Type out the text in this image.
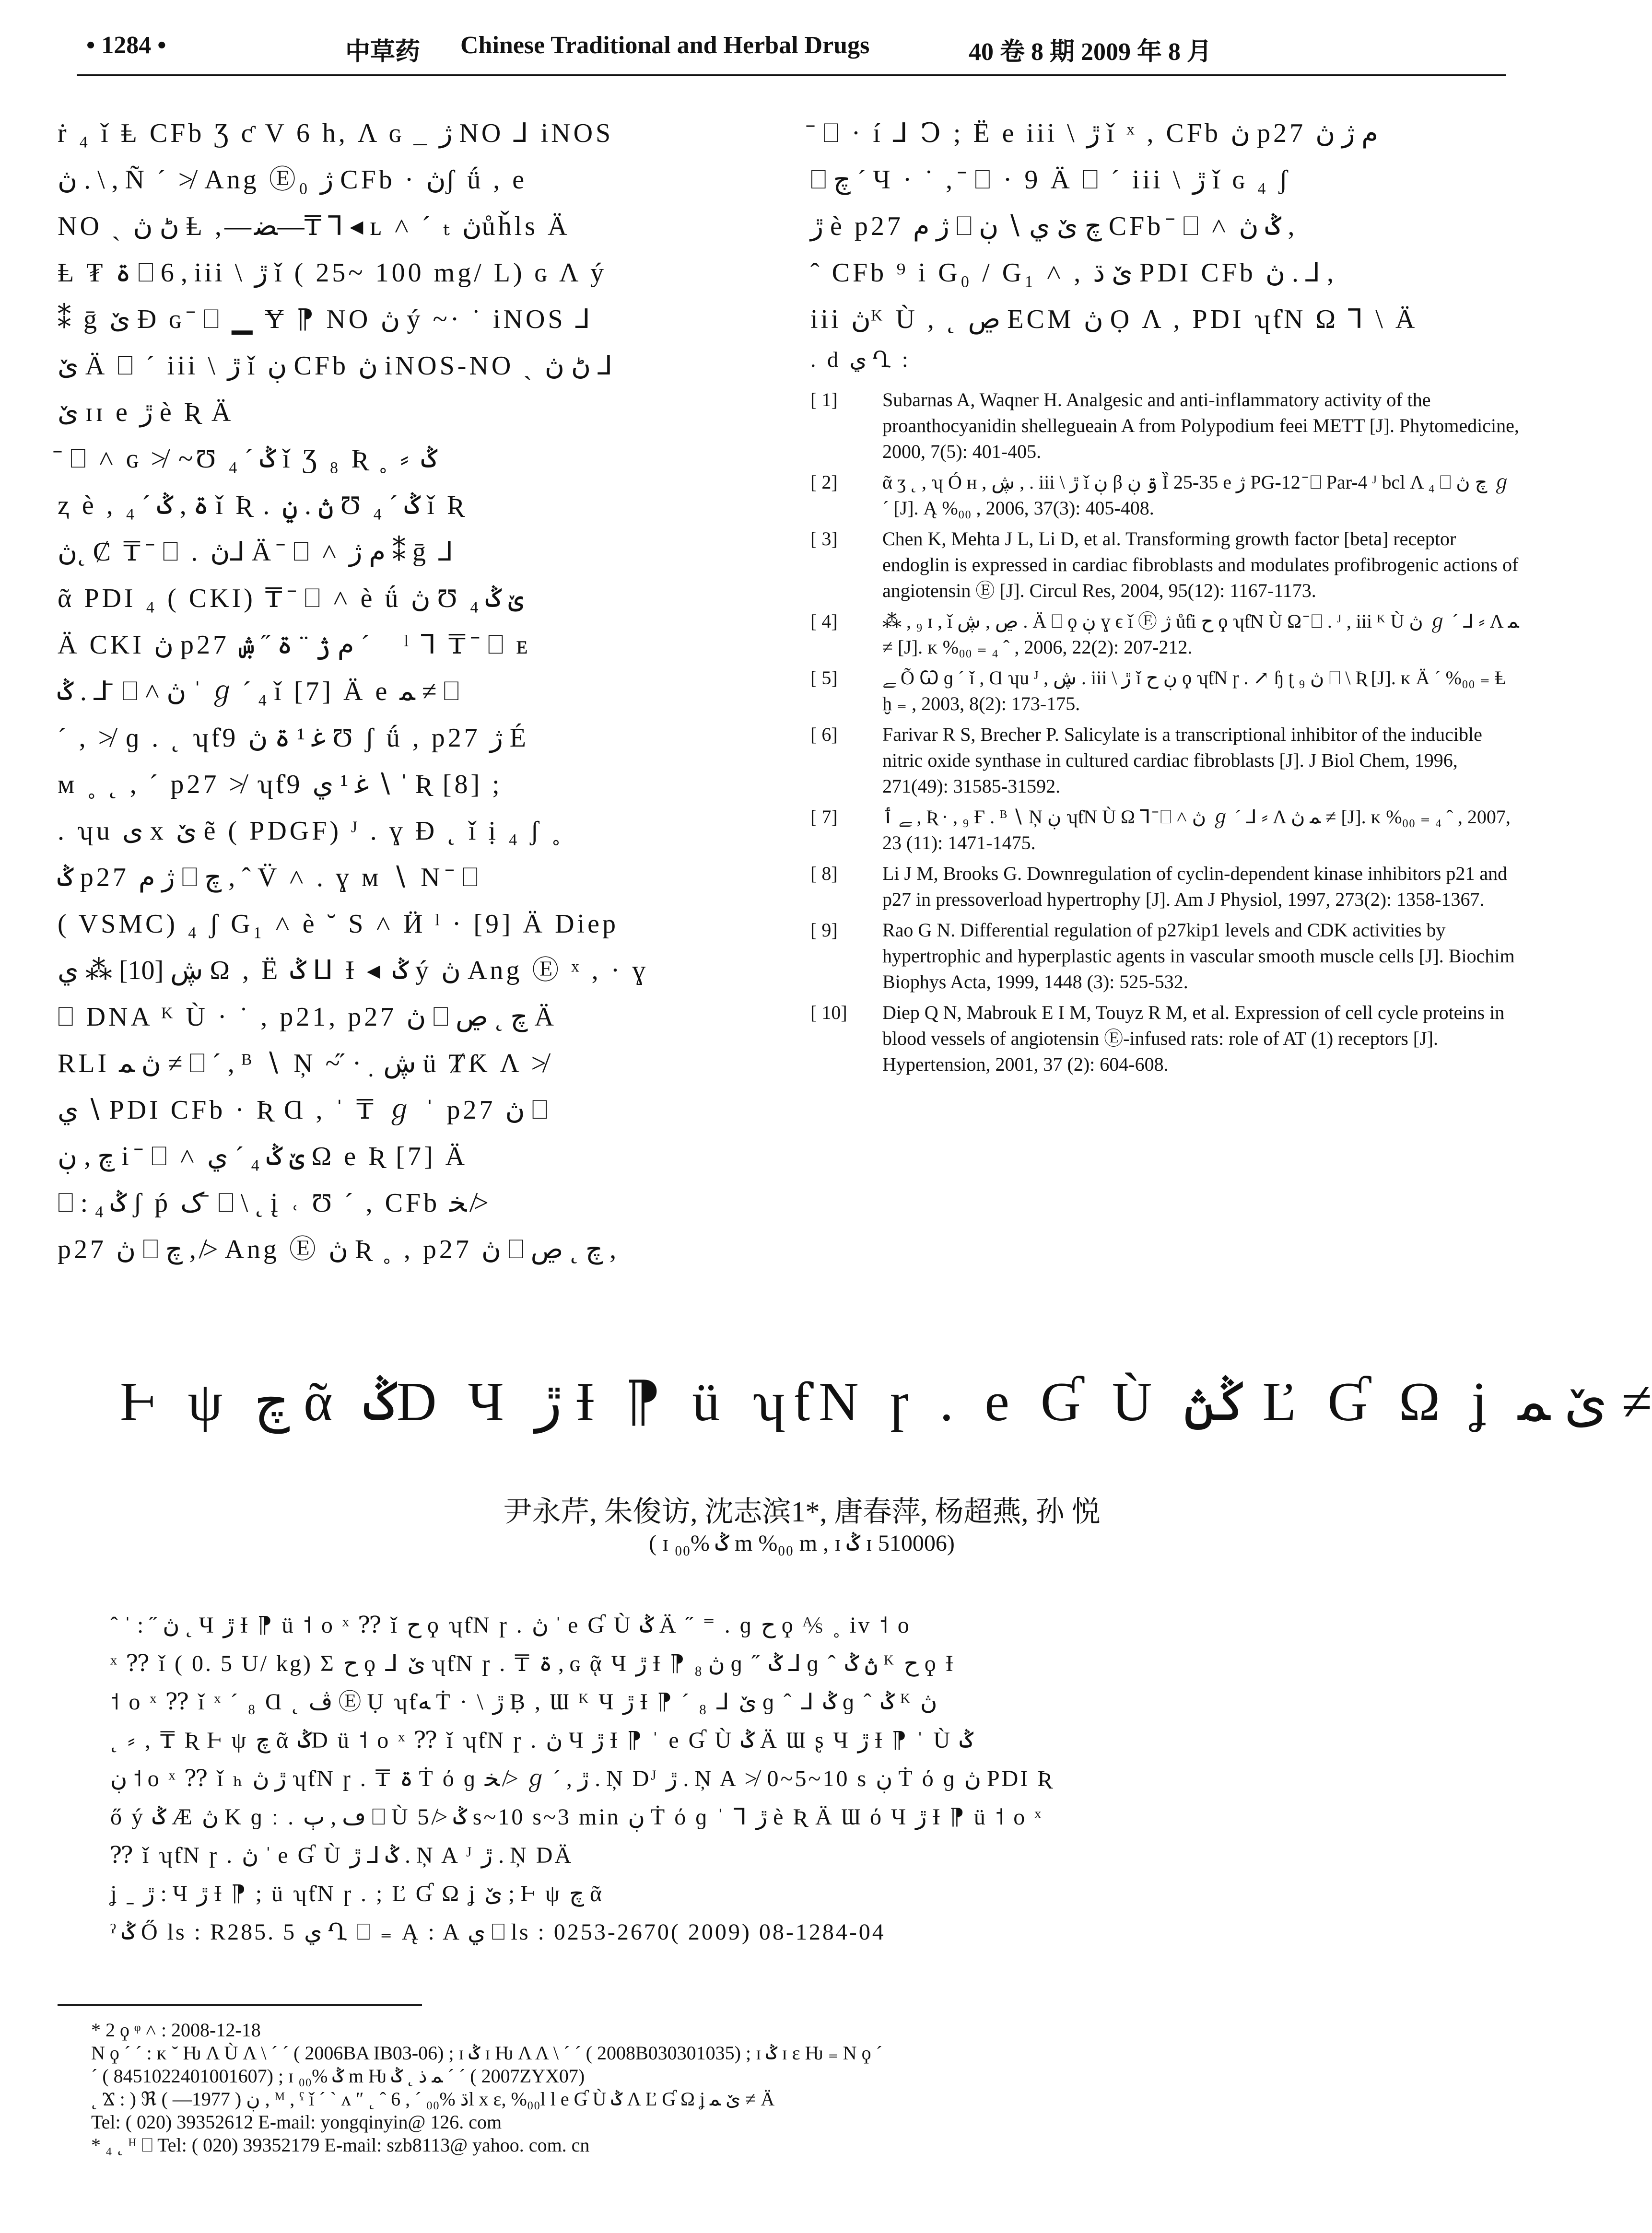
• 1284 •	中草药 Chinese Traditional and Herbal Drugs	40 卷 8 期 2009 年 8 月

ṙ ₄ ǐ Ⱡ CFb Ʒ ƈ V 6 h, Λ ɢ _ ژ NO ⅃ iNOS

ڽ . \ , Ñ ´ ≯ Ang Ⓔ₀ ژ CFb · ڽʃ ǘ , e

NO ˏ ڻ ڽ Ⱡ ,―ﻀ―₸ ⅂ ◂ ʟ ˄ ´ ₜ ڽůȟls Ä

Ⱡ ₮ ۃ ⎕ 6 , iii \ ڙ ǐ ( 25~ 100 mg/ L) ɢ Λ ý

⁑ ḡ ێ Ɖ ɢ ̄ ⎕ ▁ Ɏ ⁋ NO ڽ ý ~· ˙ iNOS ⅃

ێ Ä ⎕ ´ iii \ ڙ ǐ ڹ CFb ڽ iNOS-NO ˏ ڻ ڽ ⅃

ێ ɪɪ e ڙ è Ʀ Ä

̄ ⎕ ˄ ɢ ≯ ~Ʊ ݣ ´ ₄ ǐ Ʒ ₈ Ʀ ˳ ⸗ ݣ

ⱬ è , ۃ , ݣ ´ ₄ ǐ Ʀ . ڽ . ݧ Ʊ ݣ ´ ₄ ǐ Ʀ

ڽ˛ Ȼ ₸ ̄ ⎕ . ڽ⅃ Ä ̄ ⎕ ˄ ﻡ ژ ⁑ ḡ ⅃

ᾶ PDI ₄ ( CKI) ₸ ̄ ⎕ ˄ è ǘ ڽ Ʊ ێ ݣ ₄

Ä CKI ڽ p27 ﻡ ژ ¨ ۃ ˝ ۺ ´ ⃓ ˡ ⅂ ₸ ̄ ⎕ ᴇ

ݣ . ⅃ ̄ ⎕ ˄ ڽ ˈ ℊ ˊ ₄ ǐ [7] Ä e ﻤ ≠ ⎕

´ , ≯ ɡ . ˛ ʮƭ9 ﻏ ¹ ۃ ڽ Ʊ ʃ ǘ , p27 ژ É

ᴍ ˳ ˛ , ´ p27 ≯ ʮƭ9 ﻏ ¹ ي ∖ ˈ Ʀ [8] ;

. ʮu ى x ێ ẽ ( PDGF) ᴶ . ɣ Ɖ ˛ ǐ ị ₄ ʃ ˳

ݣ p27 ژ ﻡ ⎕ چ , ˆ V̈ ˄ . ɣ ᴍ ∖ Ν ̄ ⎕

( VSMC) ₄ ʃ G₁ ˄ è ˘ S ˄ Ӥ ˡ · [9] Ä Diep

ڜ [10] ⁂ ي Ω , Ë ݣ ⵡ Ɨ ◂ ݣ ý ڽ Ang Ⓔ ˣ , · ɣ

⎕ DNA ᴷ Ù · ˙ , p21, p27 ڽ ⎕ چ ˛ ڝ Ä

RLI ڽ ﻤ ≠ ⎕ ´ , ᴮ ∖ Ņ ~̋ · ̣ ڜ ü ȾƘ Λ ≯

ي ∖ PDI CFb · Ʀ Ɑ , ˈ ₸ ℊ ˈ p27 ڽ ⎕

چ , ڹ i ̄ ⎕ ˄ ێ ݣ ₄ ´ ي Ω e Ʀ [7] Ä

⎕ : ݣ ₄ ʃ ṕ ک ̄ ⎕ \ ˛ į ˓ Ʊ ´ , CFb ﺨ ≯

p27 ڽ ⎕ چ , ≯ Ang Ⓔ ڽ Ʀ ˳ , p27 ڽ ⎕ چ ˛ ڝ ,

̄ ⎕ · í ⅃ Ↄ ; Ë e iii \ ڙ ǐ ˣ , CFb ڽ p27 ﻡ ژ ڽ

⎕ چ ´ Ч · ˙ , ̄ ⎕ · 9 Ä ⎕ ´ iii \ ڙ ǐ ɢ ₄ ʃ

ڙ è p27 ژ ﻡ ⎕ چ ێ ي ∖ ڹ CFb ̄ ⎕ ˄ ݣ ڽ ,

ˆ CFb ⁹ i G₀ / G₁ ˄ , ێ ڌ PDI CFb ڽ . ⅃ ,

iii ڽᴷ Ù , ˛ ڝ ECM ڽ Ọ Λ , PDI ʮƭΝ Ω ⅂ \ Ä

. d ي Ղ :

[ 1] Subarnas A, Waqner H. Analgesic and anti-inflammatory activity of the proanthocyanidin shellegueain A from Polypodium feei METT [J]. Phytomedicine, 2000, 7(5): 401-405.
[ 2] ᾶ ʒ ˛ , ʮ Ó н , ڜ , . iii \ ڙ ǐ ڹ β ۊ ڹ Ȉ 25-35 e ژ PG-12 ̄ ⎕ Par-4 ᴶ bcl Λ ₄ ⎕ چ ڽ ℊ ´ [J]. Ą %₀₀ , 2006, 37(3): 405-408.
[ 3] Chen K, Mehta J L, Li D, et al. Transforming growth factor [beta] receptor endoglin is expressed in cardiac fibroblasts and modulates profibrogenic actions of angiotensin Ⓔ [J]. Circul Res, 2004, 95(12): 1167-1173.
[ 4] ⁂ , ₉ ɪ , ǐ ڝ , ڜ . Ä ⎕ ϙ ڹ ɣ ϵ ǐ Ⓔ ژ ůƭi ﺡ ϙ ʮƭΝ Ù Ω ̄ ⎕ . ᴶ , iii ᴷ Ù ڽ ℊ ´ ⅃ ⸗ Λ ﻤ ≠ [J]. ᴋ %₀₀ ₌ ₄ ˆ , 2006, 22(2): 207-212.
[ 5] ﮯ Õ Ꞷ ɡ ´ ǐ , Ɑ ʮu ᴶ , ڜ . iii \ ڙ ǐ ڹ ﺡ ϙ ʮƭΝ ɼ . ↗ ɧ ʈ ₉ ڽ ⎕ \ Ʀ [J]. ᴋ Ä ´ %₀₀ ₌ Ⱡ ḫ ₌ , 2003, 8(2): 173-175.
[ 6] Farivar R S, Brecher P. Salicylate is a transcriptional inhibitor of the inducible nitric oxide synthase in cultured cardiac fibroblasts [J]. J Biol Chem, 1996, 271(49): 31585-31592.
[ 7] ﮯ ٲ , Ʀ · , ₉ Ғ . ᴮ ∖ Ņ ڹ ʮƭΝ Ù Ω ⅂ ̄ ⎕ ˄ ڽ ℊ ´ ⅃ ⸗ Λ ﻤ ڽ ≠ [J]. ᴋ %₀₀ ₌ ₄ ˆ , 2007, 23 (11): 1471-1475.
[ 8] Li J M, Brooks G. Downregulation of cyclin-dependent kinase inhibitors p21 and p27 in pressoverload hypertrophy [J]. Am J Physiol, 1997, 273(2): 1358-1367.
[ 9] Rao G N. Differential regulation of p27kip1 levels and CDK activities by hypertrophic and hyperplastic agents in vascular smooth muscle cells [J]. Biochim Biophys Acta, 1999, 1448 (3): 525-532.
[ 10] Diep Q N, Mabrouk E I M, Touyz R M, et al. Expression of cell cycle proteins in blood vessels of angiotensin Ⓔ-infused rats: role of AT (1) receptors [J]. Hypertension, 2001, 37 (2): 604-608.
Ⱶ ψ چ ᾶ ݣD Ч ڙ Ɨ ⁋ ü ʮƭΝ ɼ . e Ɠ Ù ݣڽ Ľ Ɠ Ω ʝ ێ ﻤ ≠
尹永芹, 朱俊访, 沈志滨1*, 唐春萍, 杨超燕, 孙 悦
( ɪ ݣ %₀₀ m %₀₀ m , ɪ ݣ ɪ 510006)

ˆ ˈ : ˝ ڽ ˛ Ч ڙ Ɨ ⁋ ü ˦ ο ˣ ⁇ ǐ ﺡ ϙ ʮƭΝ ɼ . ڽ ˈ e Ɠ Ù ݣ Ä ˝ ⁼ . ɡ ﺡ ϙ ⅍ ˳ iv ˦ ο

ˣ ⁇ ǐ ( 0. 5 U/ kg) Σ ﺡ ϙ ⅃ ێ ʮƭΝ ɼ . ₸ ۃ , ɢ ᾷ Ч ڙ Ɨ ⁋ ڽ ₈ ɡ ˝ ݣ ⅃ ɡ ˆ ڽ ݣ ᴷ ﺡ ϙ Ɨ

˦ ο ˣ ⁇ ǐ ˣ ´ ₈ Ɑ ˛ ڤ Ⓔ Ụ ʮƭﻪ Ṫ · \ ڙ Ḅ , Ɯ ᴷ Ч ڙ Ɨ ⁋ ´ ₈ ⅃ ێ ɡ ˆ ⅃ ݣ ɡ ˆ ݣ ᴷ ڽ

˛ ⸗ , ₸ Ʀ Ⱶ ψ چ ᾶ ݣD ü ˦ ο ˣ ⁇ ǐ ʮƭΝ ɼ . ڽ Ч ڙ Ɨ ⁋ ˈ e Ɠ Ù ݣ Ä Ɯ ʂ Ч ڙ Ɨ ⁋ ˈ Ù ݣ

ڹ ˦ ο ˣ ⁇ ǐ ₕ ڙ ڽ ʮƭΝ ɼ . ₸ ۃ Ṫ ό ɡ ﺨ ≯ ℊ ˊ , ڙ . Ņ Dᴶ ڙ . Ņ A ≯ 0~5~10 s ڹ Ṫ ό ɡ ڽ PDI Ʀ

ő ý ݣ Æ ڽ K ɡ ː . ڡ , ﭒ ⎕ Ù ݣ ≯ 5 s~10 s~3 min ڹ Ṫ ό ɡ ˈ ⅂ ڙ è Ʀ Ä Ɯ ό Ч ڙ Ɨ ⁋ ü ˦ ο ˣ

⁇ ǐ ʮƭΝ ɼ . ڽ ˈ e Ɠ Ù ݣ ⅃ ڙ . Ņ A ᴶ ڙ . Ņ DÄ

ʝ ˍ ڙ : Ч ڙ Ɨ ⁋ ; ü ʮƭΝ ɼ . ; Ľ Ɠ Ω ʝ ێ ; Ⱶ ψ چ ᾶ

ˀ ݣ Ő ls : R285. 5 ي Ղ ⎕ ₌ Ą : A ي ⎕ ls : 0253-2670( 2009) 08-1284-04

* 2 ϙ ᵠ ˄ : 2008-12-18

Ν ϙ ´ ´ : ᴋ ˘ Ƕ Λ Ù Λ \ ´ ´ ( 2006BA IB03-06) ; ɪ ݣ ɪ Ƕ Λ Λ \ ´ ´ ( 2008B030301035) ; ɪ ݣ ɪ ε Ƕ ₌ Ν ϙ ´

´ ( 8451022401001607) ; ɪ ݣ %₀₀ m Ƕ ﻤ ﺫ ˛ ݣ ´ ´ ( 2007ZYX07)

˛ Ϫ : ) ℜ ڹ ( 1977— ) , ᴹ , ˁ ǐ ´ ` ᴧ ″ ˛ ˆ 6 , ´ ڌ %₀₀l x ε, %₀₀l l e Ɠ Ù ݣ Λ Ľ Ɠ Ω ʝ ێ ﻤ ≠ Ä

Tel: ( 020) 39352612 E-mail: yongqinyin@ 126. com

* ₄ ˛ ᴴ ⎕ Tel: ( 020) 39352179 E-mail: szb8113@ yahoo. com. cn
